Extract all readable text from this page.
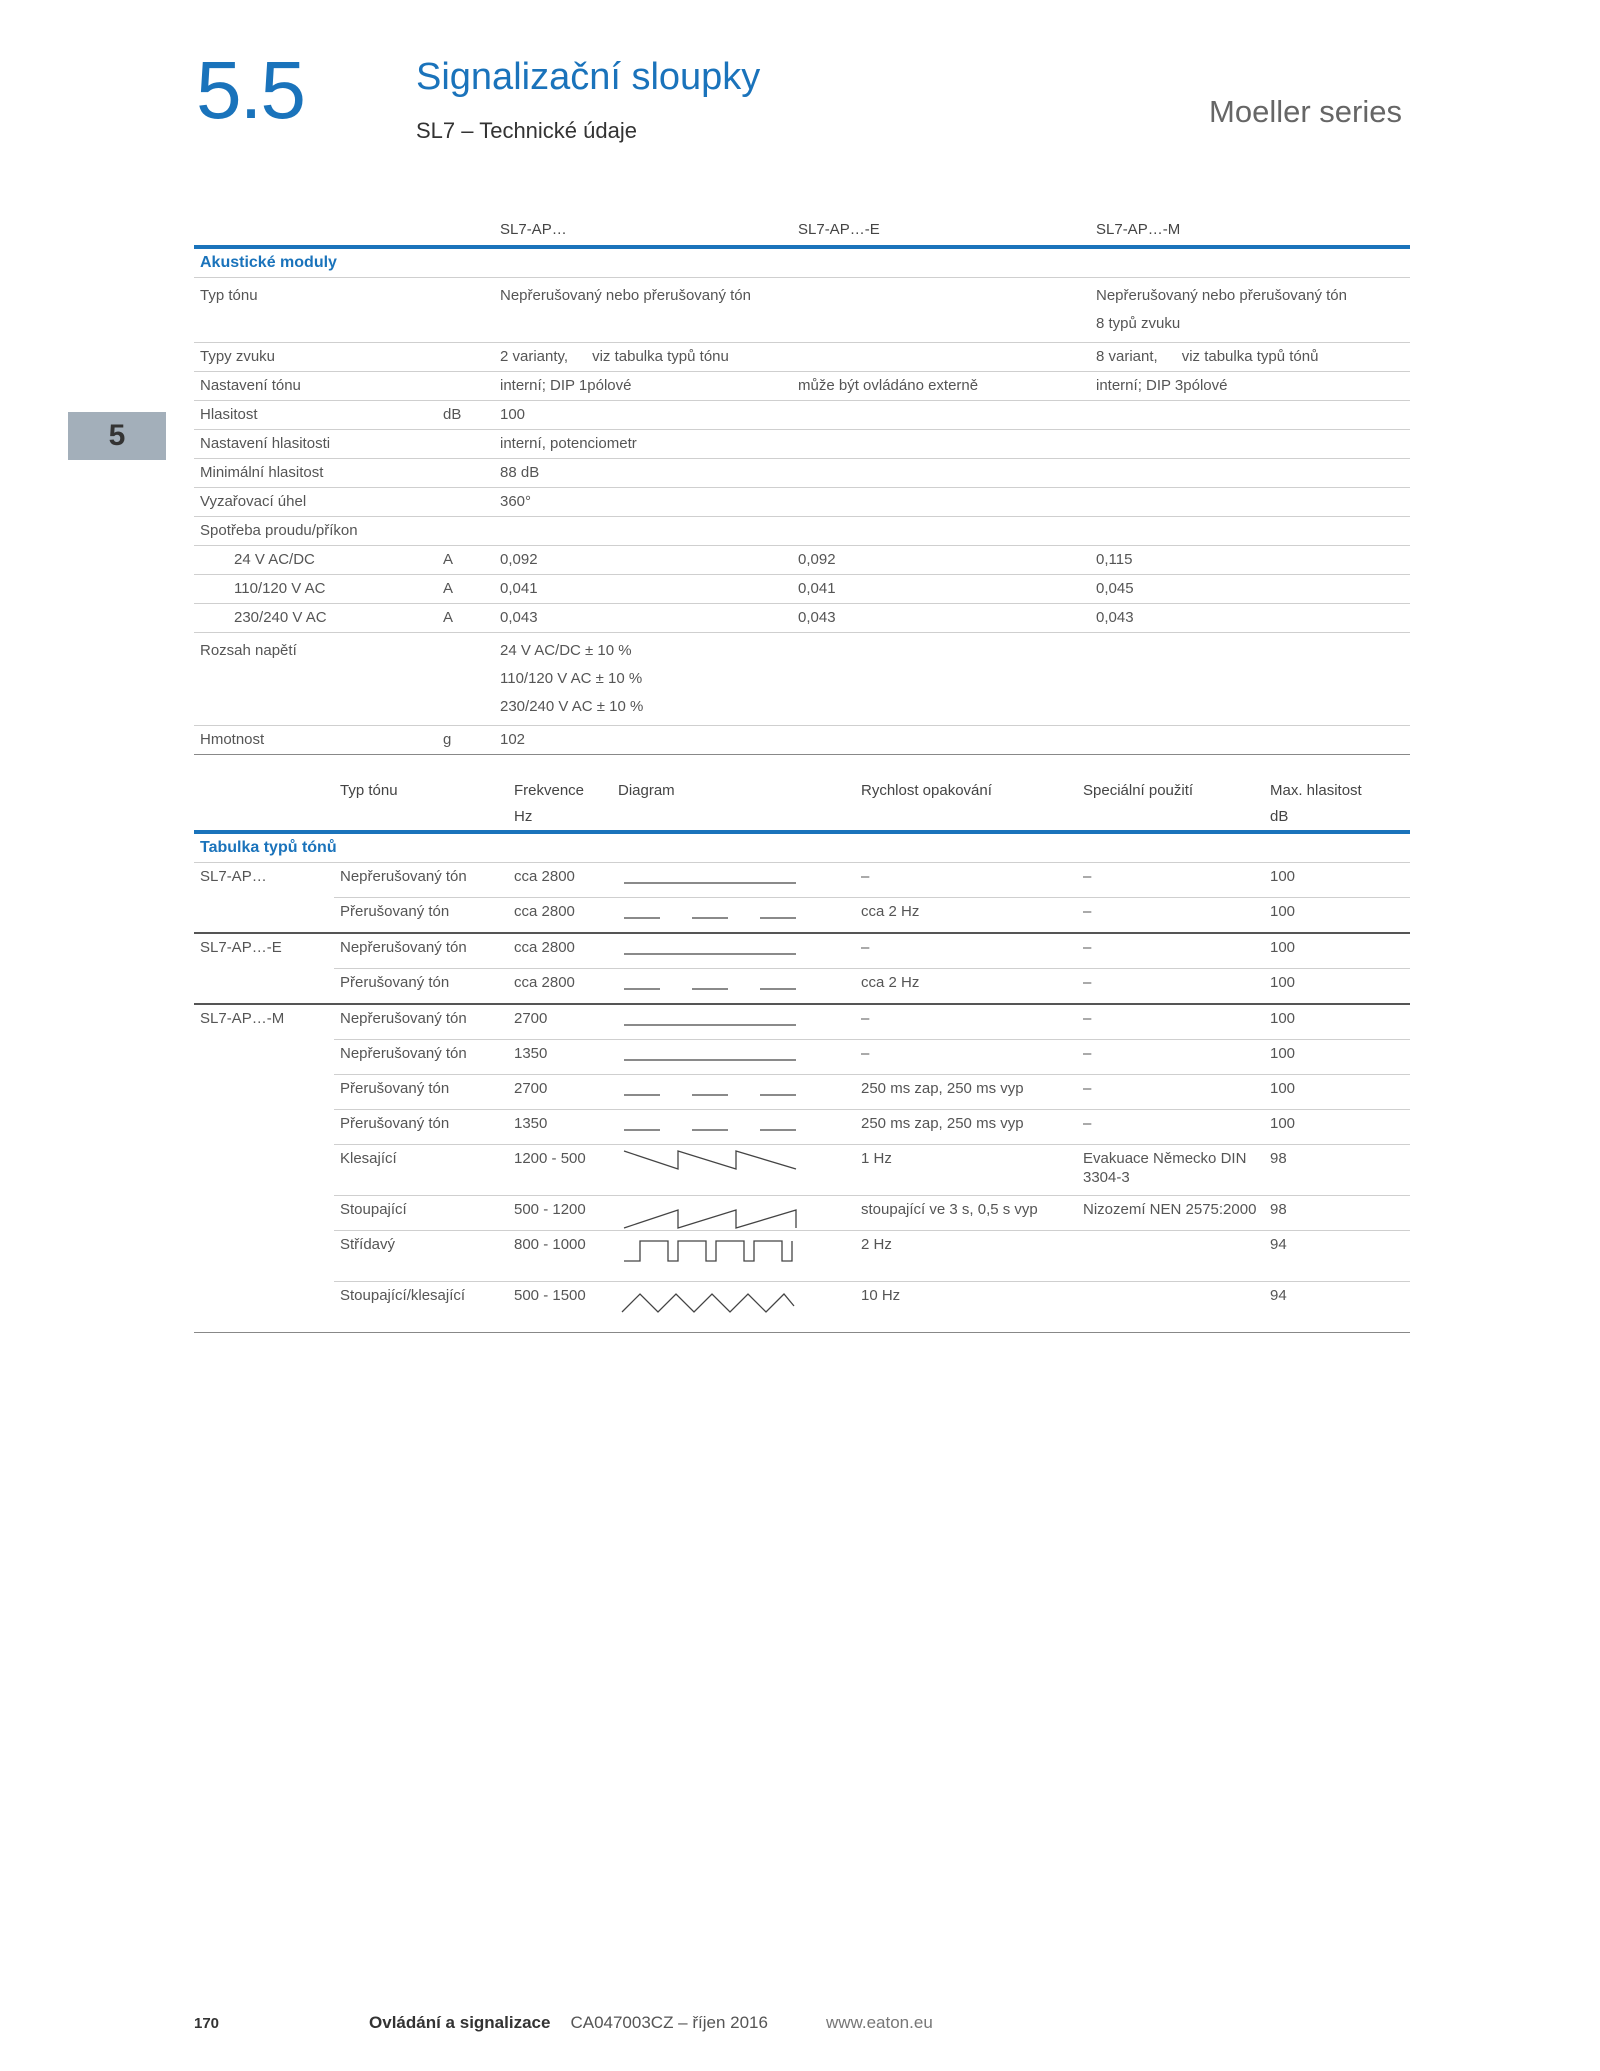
5.5	Signalizační sloupky
SL7 – Technické údaje
Moeller series
5
		SL7-AP…	SL7-AP…-E	SL7-AP…-M
Akustické moduly				
Typ tónu		Nepřerušovaný nebo přerušovaný tón		Nepřerušovaný nebo přerušovaný tón
8 typů zvuku

Typy zvuku		2 varianty, viz tabulka typů tónu		8 variant, viz tabulka typů tónů
Nastavení tónu		interní; DIP 1pólové	může být ovládáno externě	interní; DIP 3pólové
Hlasitost	dB	100		
Nastavení hlasitosti		interní, potenciometr		
Minimální hlasitost		88 dB		
Vyzařovací úhel		360°		
Spotřeba proudu/příkon				
24 V AC/DC	A	0,092	0,092	0,115
110/120 V AC	A	0,041	0,041	0,045
230/240 V AC	A	0,043	0,043	0,043
Rozsah napětí		24 V AC/DC ± 10 %
110/120 V AC ± 10 %
230/240 V AC ± 10 %		

Hmotnost	g	102		
	Typ tónu	Frekvence	Diagram	Rychlost opakování	Speciální použití	Max. hlasitost
		Hz				dB
Tabulka typů tónů						
SL7-AP…	Nepřerušovaný tón	cca 2800		–	–	100
	Přerušovaný tón	cca 2800		cca 2 Hz	–	100
SL7-AP…-E	Nepřerušovaný tón	cca 2800		–	–	100
	Přerušovaný tón	cca 2800		cca 2 Hz	–	100
SL7-AP…-M	Nepřerušovaný tón	2700		–	–	100
	Nepřerušovaný tón	1350		–	–	100
	Přerušovaný tón	2700		250 ms zap, 250 ms vyp	–	100
	Přerušovaný tón	1350		250 ms zap, 250 ms vyp	–	100
	Klesající	1200 - 500		1 Hz	Evakuace Německo DIN
3304-3	98
	Stoupající	500 - 1200		stoupající ve 3 s, 0,5 s vyp	Nizozemí NEN 2575:2000	98
	Střídavý	800 - 1000		2 Hz		94
	Stoupající/klesající	500 - 1500		10 Hz		94
170	Ovládání a signalizace CA047003CZ – říjen 2016	www.eaton.eu
